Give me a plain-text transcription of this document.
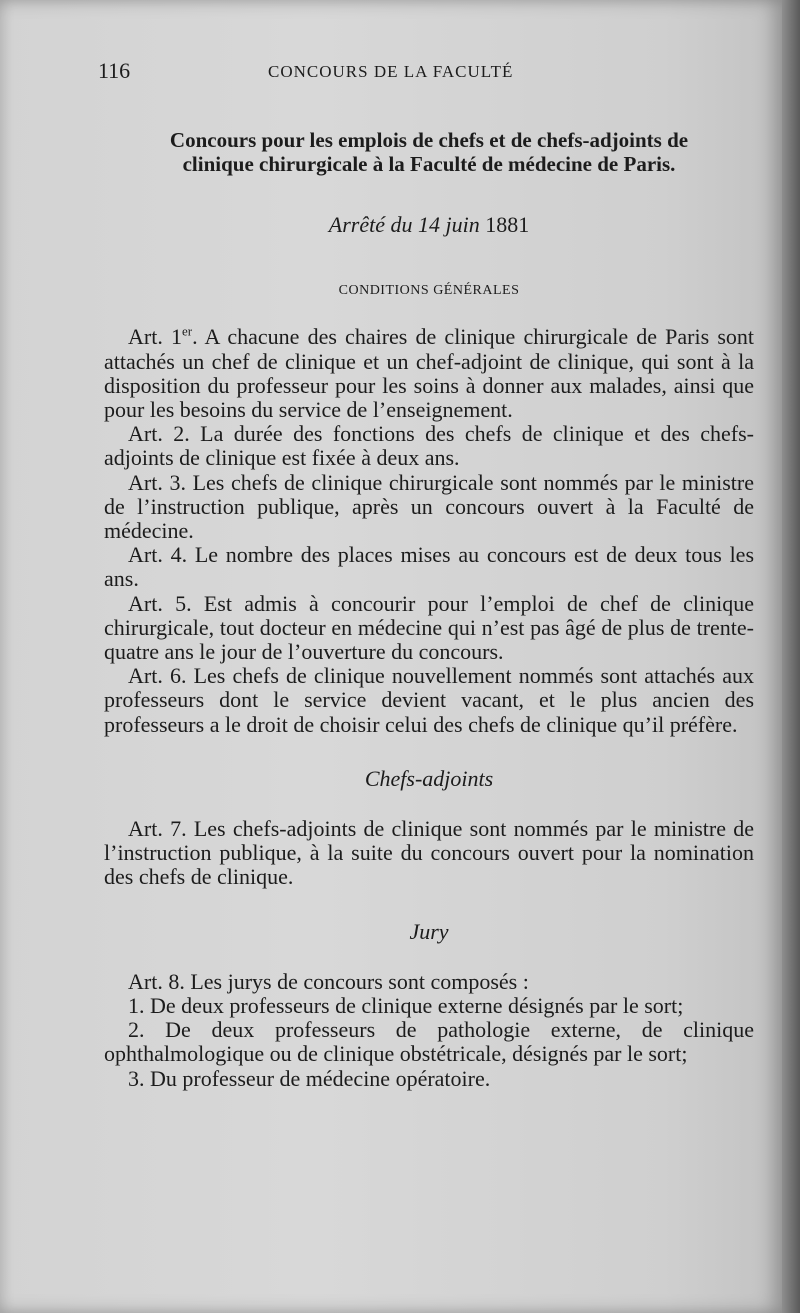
116	CONCOURS DE LA FACULTÉ
Concours pour les emplois de chefs et de chefs-adjoints de
clinique chirurgicale à la Faculté de médecine de Paris.
Arrêté du 14 juin 1881
CONDITIONS GÉNÉRALES

Art. 1er. A chacune des chaires de clinique chirurgicale de Paris sont attachés un chef de clinique et un chef-adjoint de clinique, qui sont à la disposition du professeur pour les soins à donner aux malades, ainsi que pour les besoins du service de l’enseignement.

Art. 2. La durée des fonctions des chefs de clinique et des chefs-adjoints de clinique est fixée à deux ans.

Art. 3. Les chefs de clinique chirurgicale sont nommés par le ministre de l’instruction publique, après un concours ouvert à la Faculté de médecine.

Art. 4. Le nombre des places mises au concours est de deux tous les ans.

Art. 5. Est admis à concourir pour l’emploi de chef de clinique chirurgicale, tout docteur en médecine qui n’est pas âgé de plus de trente-quatre ans le jour de l’ouverture du concours.

Art. 6. Les chefs de clinique nouvellement nommés sont attachés aux professeurs dont le service devient vacant, et le plus ancien des professeurs a le droit de choisir celui des chefs de clinique qu’il préfère.

Chefs-adjoints

Art. 7. Les chefs-adjoints de clinique sont nommés par le ministre de l’instruction publique, à la suite du concours ouvert pour la nomination des chefs de clinique.

Jury

Art. 8. Les jurys de concours sont composés :

1. De deux professeurs de clinique externe désignés par le sort;

2. De deux professeurs de pathologie externe, de clinique ophthalmologique ou de clinique obstétricale, désignés par le sort;

3. Du professeur de médecine opératoire.
